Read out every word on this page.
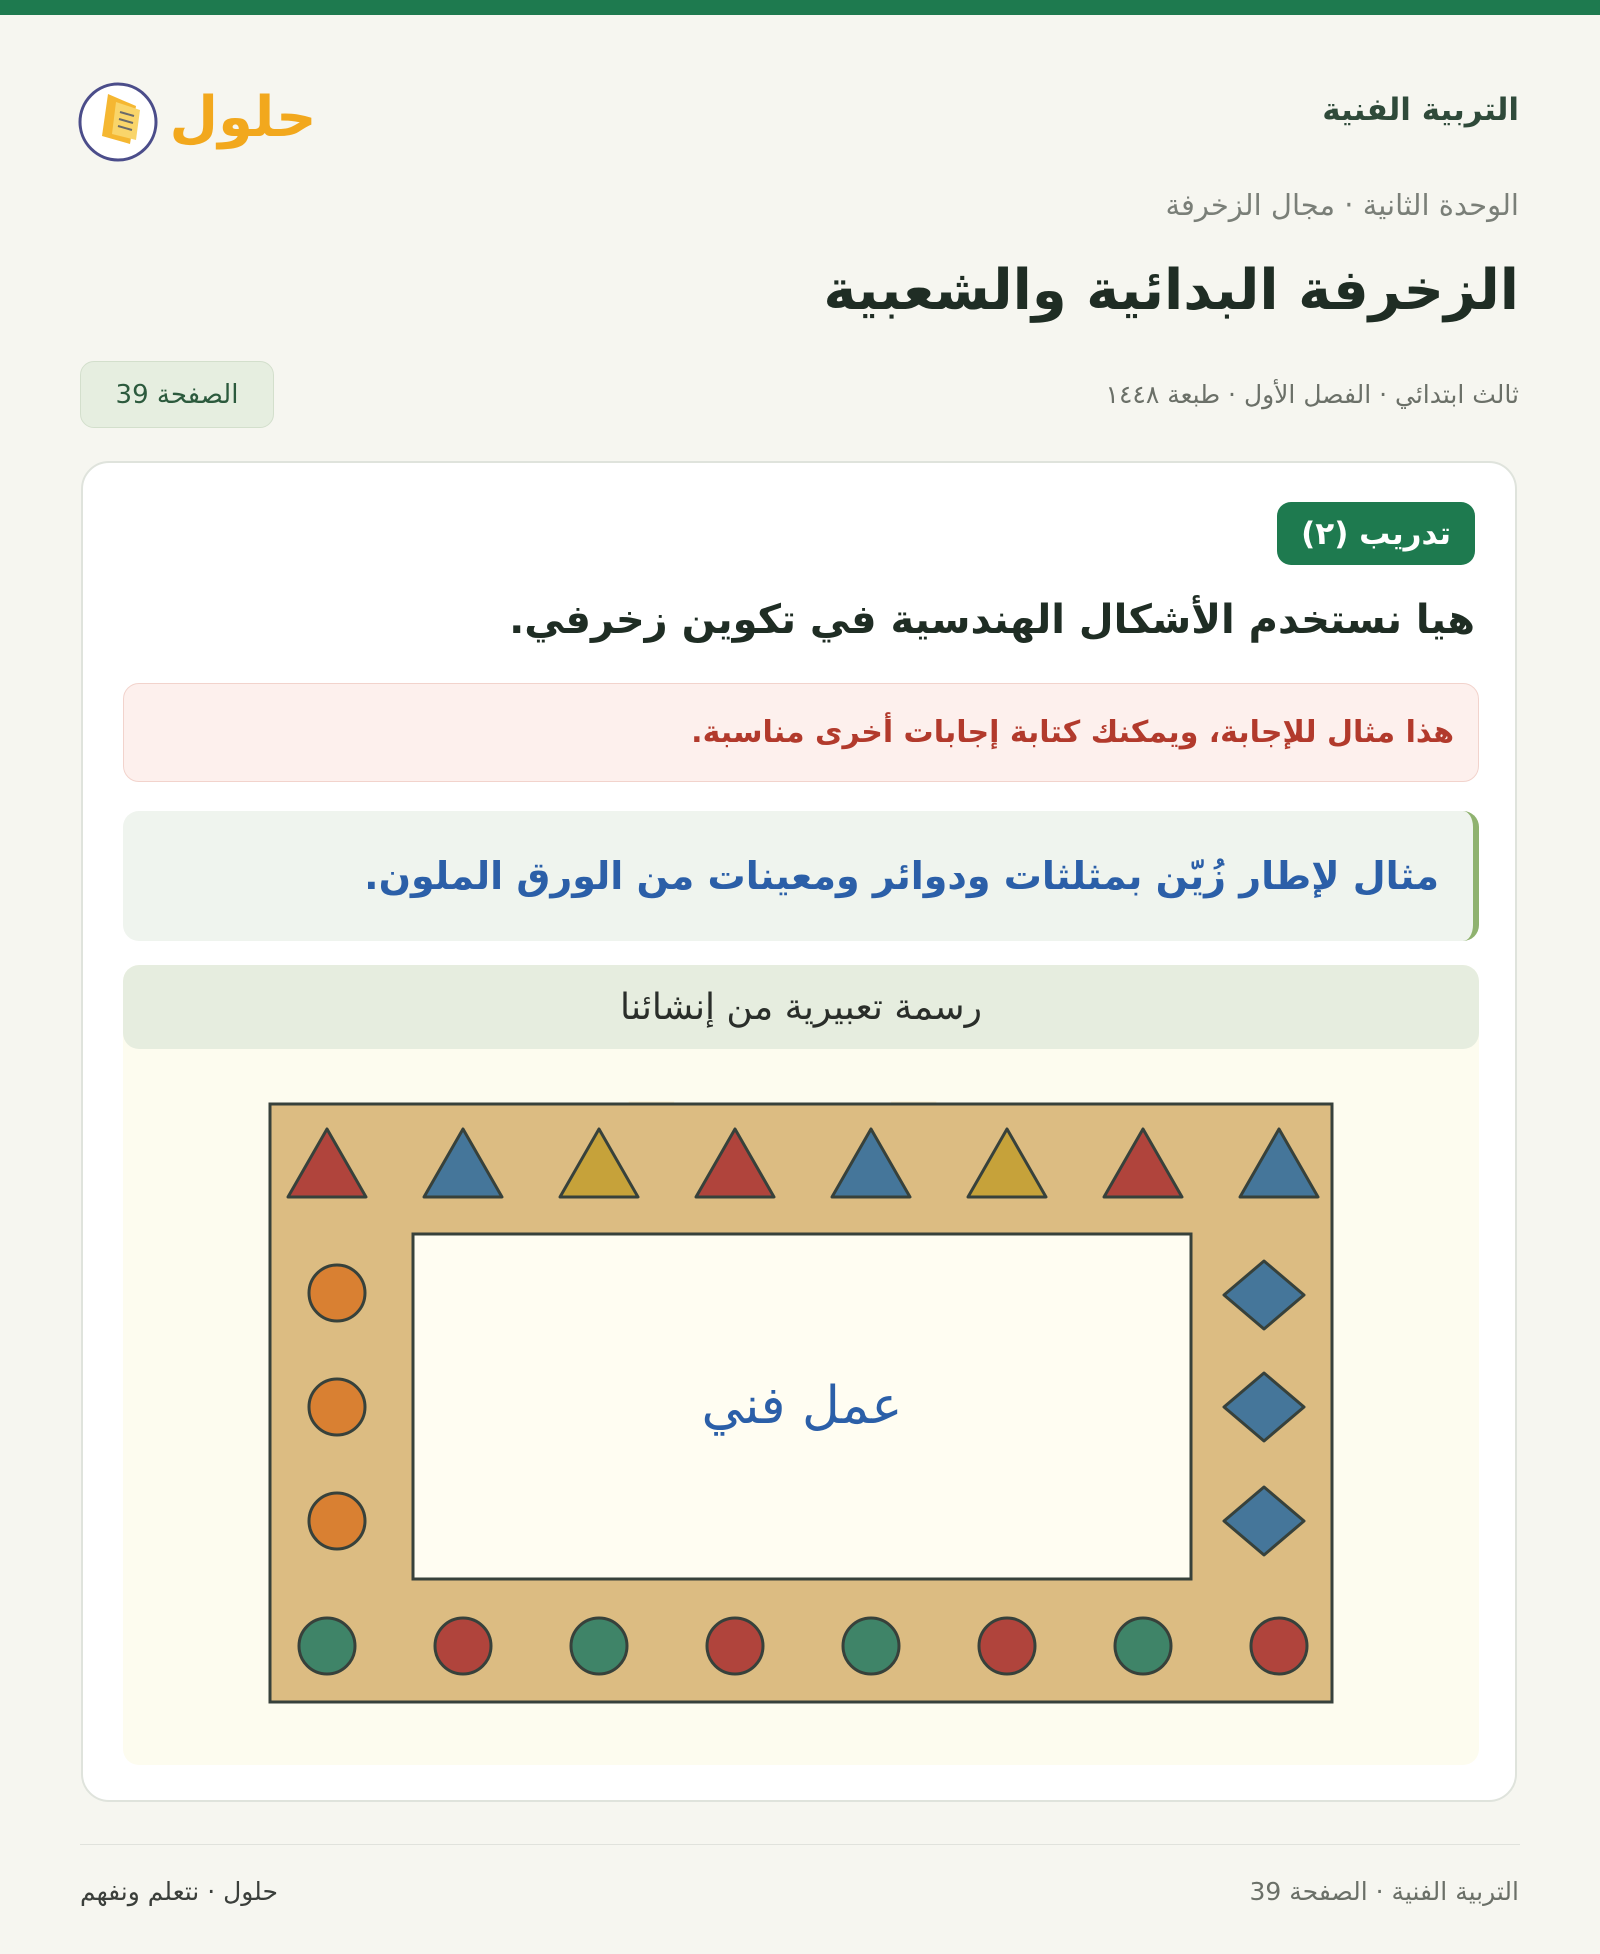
حلول	التربية الفنية
الوحدة الثانية · مجال الزخرفة
الزخرفة البدائية والشعبية
ثالث ابتدائي · الفصل الأول · طبعة ١٤٤٨
الصفحة 39
تدريب (٢)
هيا نستخدم الأشكال الهندسية في تكوين زخرفي.
هذا مثال للإجابة، ويمكنك كتابة إجابات أخرى مناسبة.
مثال لإطار زُيّن بمثلثات ودوائر ومعينات من الورق الملون.
رسمة تعبيرية من إنشائنا
عمل فني
التربية الفنية · الصفحة 39
حلول · نتعلم ونفهم
